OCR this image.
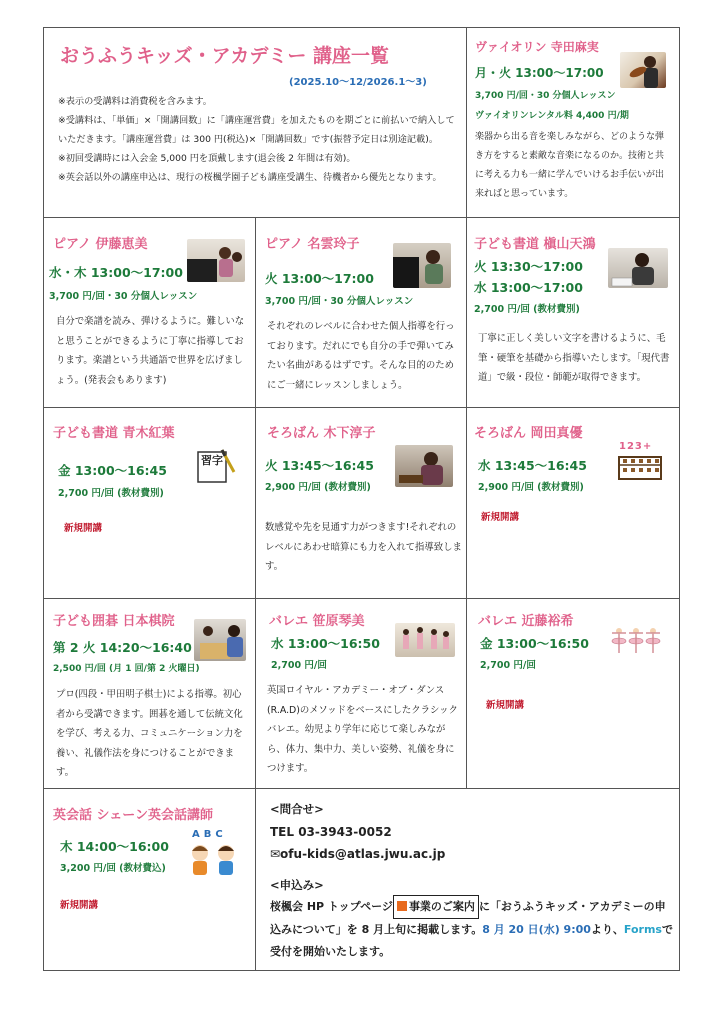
おうふうキッズ・アカデミー 講座一覧
(2025.10～12/2026.1～3)
※表示の受講料は消費税を含みます。
※受講料は、「単価」×「開講回数」に「講座運営費」を加えたものを期ごとに前払いで納入していただきます。「講座運営費」は 300 円(税込)×「開講回数」です(振替予定日は別途記載)。
※初回受講時には入会金 5,000 円を頂戴します(退会後 2 年間は有効)。
※英会話以外の講座申込は、現行の桜楓学園子ども講座受講生、待機者から優先となります。
ヴァイオリン 寺田麻実
月・火 13:00～17:00
3,700 円/回・30 分個人レッスン
ヴァイオリンレンタル料 4,400 円/期
楽器から出る音を楽しみながら、どのような弾き方をすると素敵な音楽になるのか。技術と共に考える力も一緒に学んでいけるお手伝いが出来ればと思っています。
ピアノ 伊藤恵美
水・木 13:00～17:00
3,700 円/回・30 分個人レッスン
自分で楽譜を読み、弾けるように。難しいなと思うことができるように丁寧に指導しております。楽譜という共通語で世界を広げましょう。(発表会もあります)
ピアノ 名雲玲子
火 13:00～17:00
3,700 円/回・30 分個人レッスン
それぞれのレベルに合わせた個人指導を行っております。だれにでも自分の手で弾いてみたい名曲があるはずです。そんな目的のためにご一緒にレッスンしましょう。
子ども書道 槇山天鴻
火 13:30～17:00
水 13:00～17:00
2,700 円/回 (教材費別)
丁寧に正しく美しい文字を書けるように、毛筆・硬筆を基礎から指導いたします。「現代書道」で級・段位・師範が取得できます。
子ども書道 青木紅葉
金 13:00～16:45
2,700 円/回 (教材費別)
新規開講
習字
そろばん 木下淳子
火 13:45～16:45
2,900 円/回 (教材費別)
数感覚や先を見通す力がつきます!それぞれのレベルにあわせ暗算にも力を入れて指導致します。
そろばん 岡田真優
水 13:45～16:45
2,900 円/回 (教材費別)
新規開講
123+
子ども囲碁 日本棋院
第 2 火 14:20～16:40
2,500 円/回 (月 1 回/第 2 火曜日)
プロ(四段・甲田明子棋士)による指導。初心者から受講できます。囲碁を通して伝統文化を学び、考える力、コミュニケーション力を養い、礼儀作法を身につけることができます。
バレエ 笹原琴美
水 13:00～16:50
2,700 円/回
英国ロイヤル・アカデミー・オブ・ダンス(R.A.D)のメソッドをベースにしたクラシックバレエ。幼児より学年に応じて楽しみながら、体力、集中力、美しい姿勢、礼儀を身につけます。
バレエ 近藤裕希
金 13:00～16:50
2,700 円/回
新規開講
英会話 シェーン英会話講師
木 14:00～16:00
3,200 円/回 (教材費込)
新規開講
ABC
<問合せ>
TEL 03-3943-0052
✉ofu-kids@atlas.jwu.ac.jp
<申込み>
桜楓会 HP トップページ 事業のご案内 に「おうふうキッズ・アカデミーの申込みについて」を 8 月上旬に掲載します。8 月 20 日(水) 9:00より、Formsで受付を開始いたします。
